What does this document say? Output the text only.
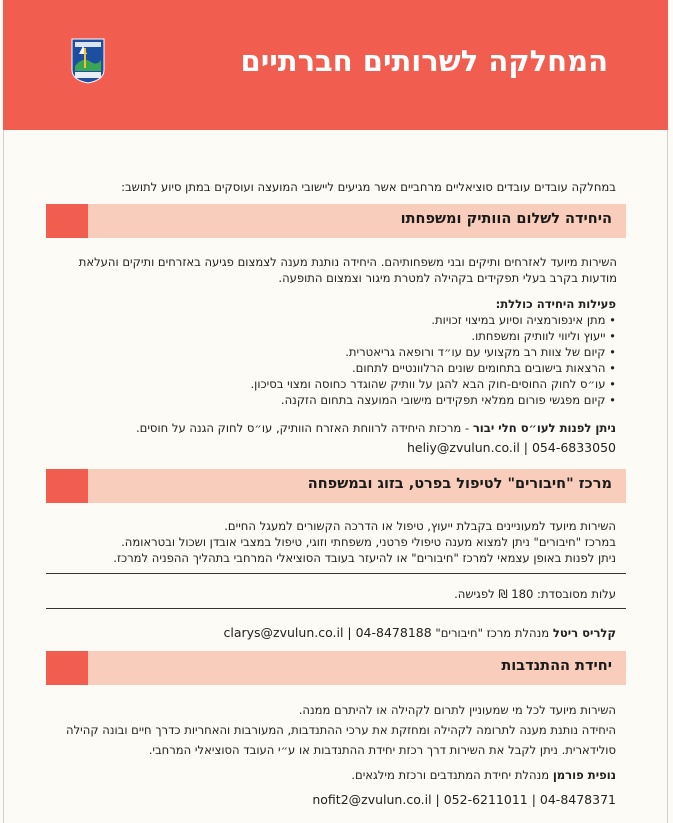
המחלקה לשרותים חברתיים
במחלקה עובדים עובדים סוציאליים מרחביים אשר מגיעים ליישובי המועצה ועוסקים במתן סיוע לתושב:
היחידה לשלום הוותיק ומשפחתו
השירות מיועד לאזרחים ותיקים ובני משפחותיהם. היחידה נותנת מענה לצמצום פגיעה באזרחים ותיקים והעלאת
מודעות בקרב בעלי תפקידים בקהילה למטרת מיגור וצמצום התופעה.
פעילות היחידה כוללת:
• מתן אינפורמציה וסיוע במיצוי זכויות.
• ייעוץ וליווי לוותיק ומשפחתו.
• קיום של צוות רב מקצועי עם עו״ד ורופאה גריאטרית.
• הרצאות בישובים בתחומים שונים הרלוונטיים לתחום.
• עו״ס לחוק החוסים-חוק הבא להגן על וותיק שהוגדר כחוסה ומצוי בסיכון.
• קיום מפגשי פורום ממלאי תפקידים מישובי המועצה בתחום הזקנה.
ניתן לפנות לעו״ס חלי יבור - מרכזת היחידה לרווחת האזרח הוותיק, עו״ס לחוק הגנה על חוסים.
heliy@zvulun.co.il | 054-6833050
מרכז "חיבורים" לטיפול בפרט, בזוג ובמשפחה
השירות מיועד למעוניינים בקבלת ייעוץ, טיפול או הדרכה הקשורים למעגל החיים.
במרכז "חיבורים" ניתן למצוא מענה טיפולי פרטני, משפחתי וזוגי, טיפול במצבי אובדן ושכול ובטראומה.
ניתן לפנות באופן עצמאי למרכז "חיבורים" או להיעזר בעובד הסוציאלי המרחבי בתהליך ההפניה למרכז.
עלות מסובסדת: 180 ₪ לפגישה.
קלריס ריטל מנהלת מרכז "חיבורים" clarys@zvulun.co.il | 04-8478188
יחידת ההתנדבות
השירות מיועד לכל מי שמעוניין לתרום לקהילה או להיתרם ממנה.
היחידה נותנת מענה לתרומה לקהילה ומחזקת את ערכי ההתנדבות, המעורבות והאחריות כדרך חיים ובונה קהילה
סולידארית. ניתן לקבל את השירות דרך רכזת יחידת ההתנדבות או ע״י העובד הסוציאלי המרחבי.
נופית פורמן מנהלת יחידת המתנדבים ורכזת מילגאים.
nofit2@zvulun.co.il | 052-6211011 | 04-8478371
